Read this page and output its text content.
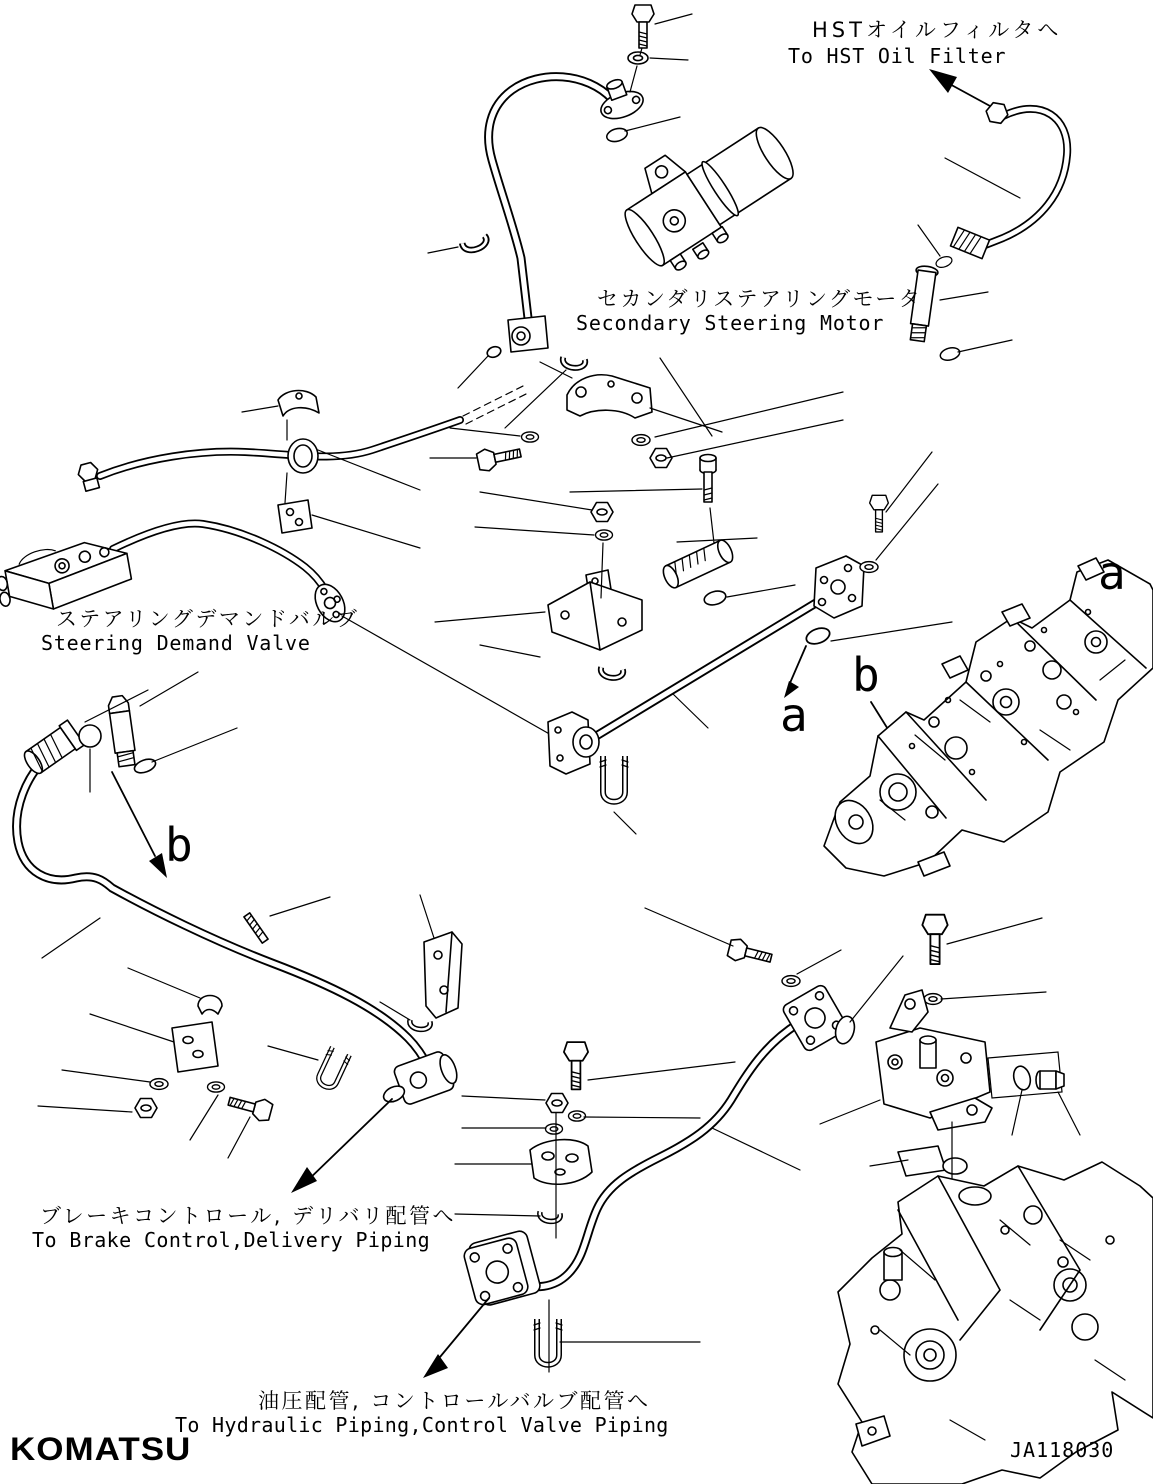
HSTオイルフィルタへ
To HST Oil Filter
セカンダリステアリングモータ
Secondary Steering Motor
ステアリングデマンドバルブ
Steering Demand Valve
ブレーキコントロール, デリバリ配管へ
To Brake Control,Delivery Piping
油圧配管, コントロールバルブ配管へ
To Hydraulic Piping,Control Valve Piping
a
a
b
b
KOMATSU	JA118030
